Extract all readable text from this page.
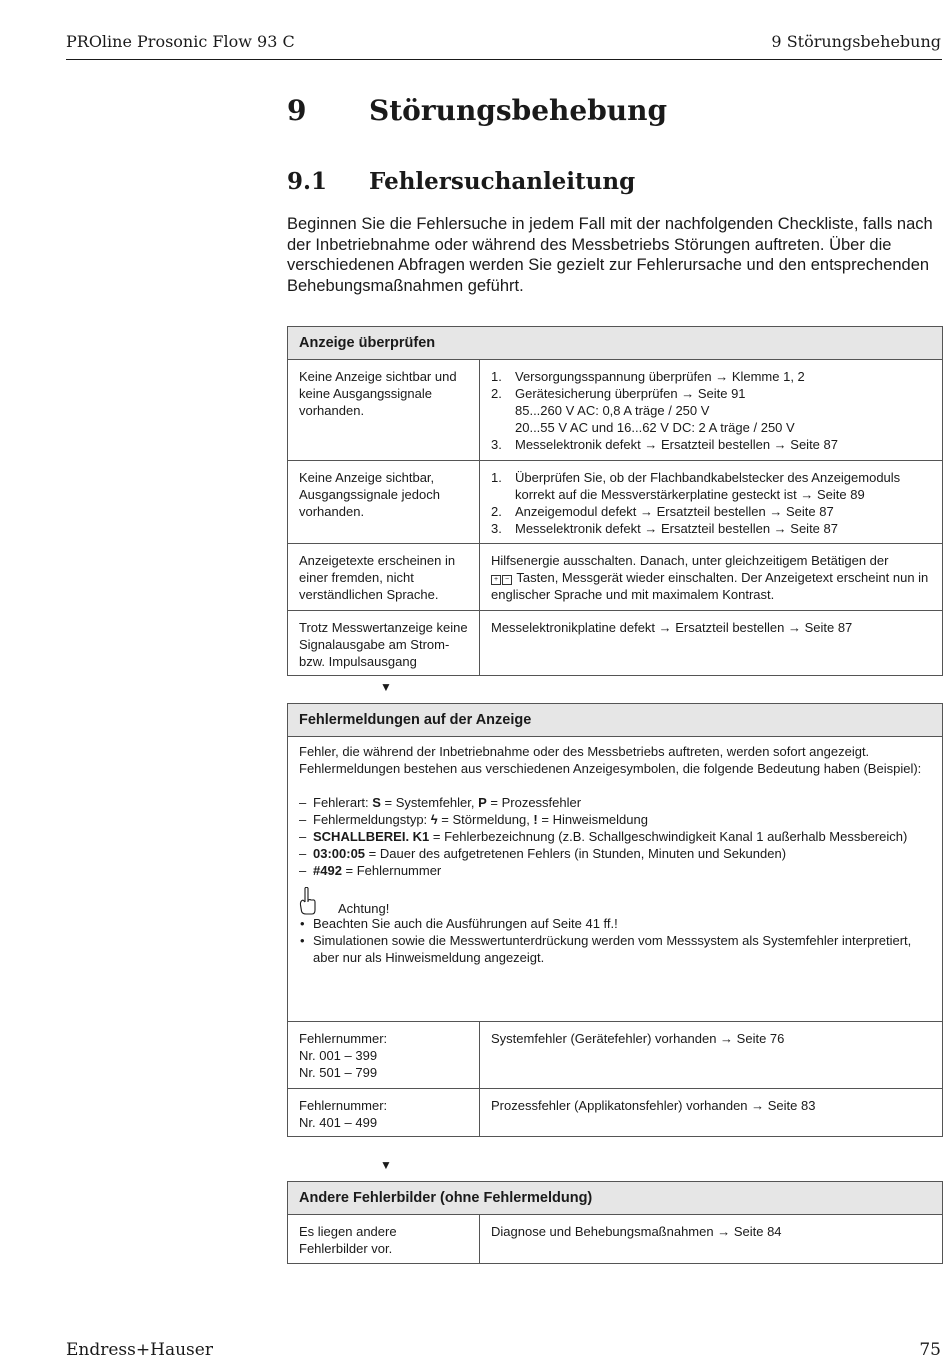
PROline Prosonic Flow 93 C	9 Störungsbehebung
9 Störungsbehebung
9.1 Fehlersuchanleitung

Beginnen Sie die Fehlersuche in jedem Fall mit der nachfolgenden Checkliste, falls nach der Inbetriebnahme oder während des Messbetriebs Störungen auftreten. Über die verschiedenen Abfragen werden Sie gezielt zur Fehlerursache und den entsprechenden Behebungsmaßnahmen geführt.

Anzeige überprüfen
Keine Anzeige sichtbar und keine Ausgangssignale vorhanden.
1. Versorgungsspannung überprüfen → Klemme 1, 2
2. Gerätesicherung überprüfen → Seite 91
85...260 V AC: 0,8 A träge / 250 V
20...55 V AC und 16...62 V DC: 2 A träge / 250 V
3. Messelektronik defekt → Ersatzteil bestellen → Seite 87
Keine Anzeige sichtbar, Ausgangssignale jedoch vorhanden.
1. Überprüfen Sie, ob der Flachbandkabelstecker des Anzeigemoduls korrekt auf die Messverstärkerplatine gesteckt ist → Seite 89
2. Anzeigemodul defekt → Ersatzteil bestellen → Seite 87
3. Messelektronik defekt → Ersatzteil bestellen → Seite 87
Anzeigetexte erscheinen in einer fremden, nicht verständlichen Sprache.
Hilfsenergie ausschalten. Danach, unter gleichzeitigem Betätigen der
+ − Tasten, Messgerät wieder einschalten. Der Anzeigetext erscheint nun in englischer Sprache und mit maximalem Kontrast.
Trotz Messwertanzeige keine Signalausgabe am Strom- bzw. Impulsausgang
Messelektronikplatine defekt → Ersatzteil bestellen → Seite 87
▼
Fehlermeldungen auf der Anzeige
Fehler, die während der Inbetriebnahme oder des Messbetriebs auftreten, werden sofort angezeigt. Fehlermeldungen bestehen aus verschiedenen Anzeigesymbolen, die folgende Bedeutung haben (Beispiel):
– Fehlerart: S = Systemfehler, P = Prozessfehler
– Fehlermeldungstyp: ϟ = Störmeldung, ! = Hinweismeldung
– SCHALLBEREI. K1 = Fehlerbezeichnung (z.B. Schallgeschwindigkeit Kanal 1 außerhalb Messbereich)
– 03:00:05 = Dauer des aufgetretenen Fehlers (in Stunden, Minuten und Sekunden)
– #492 = Fehlernummer
Achtung!
• Beachten Sie auch die Ausführungen auf Seite 41 ff.!
• Simulationen sowie die Messwertunterdrückung werden vom Messsystem als Systemfehler interpretiert, aber nur als Hinweismeldung angezeigt.
Fehlernummer:
Nr. 001 – 399
Nr. 501 – 799
Systemfehler (Gerätefehler) vorhanden → Seite 76
Fehlernummer:
Nr. 401 – 499
Prozessfehler (Applikatonsfehler) vorhanden → Seite 83
▼
Andere Fehlerbilder (ohne Fehlermeldung)
Es liegen andere Fehlerbilder vor.
Diagnose und Behebungsmaßnahmen → Seite 84
Endress+Hauser	75
